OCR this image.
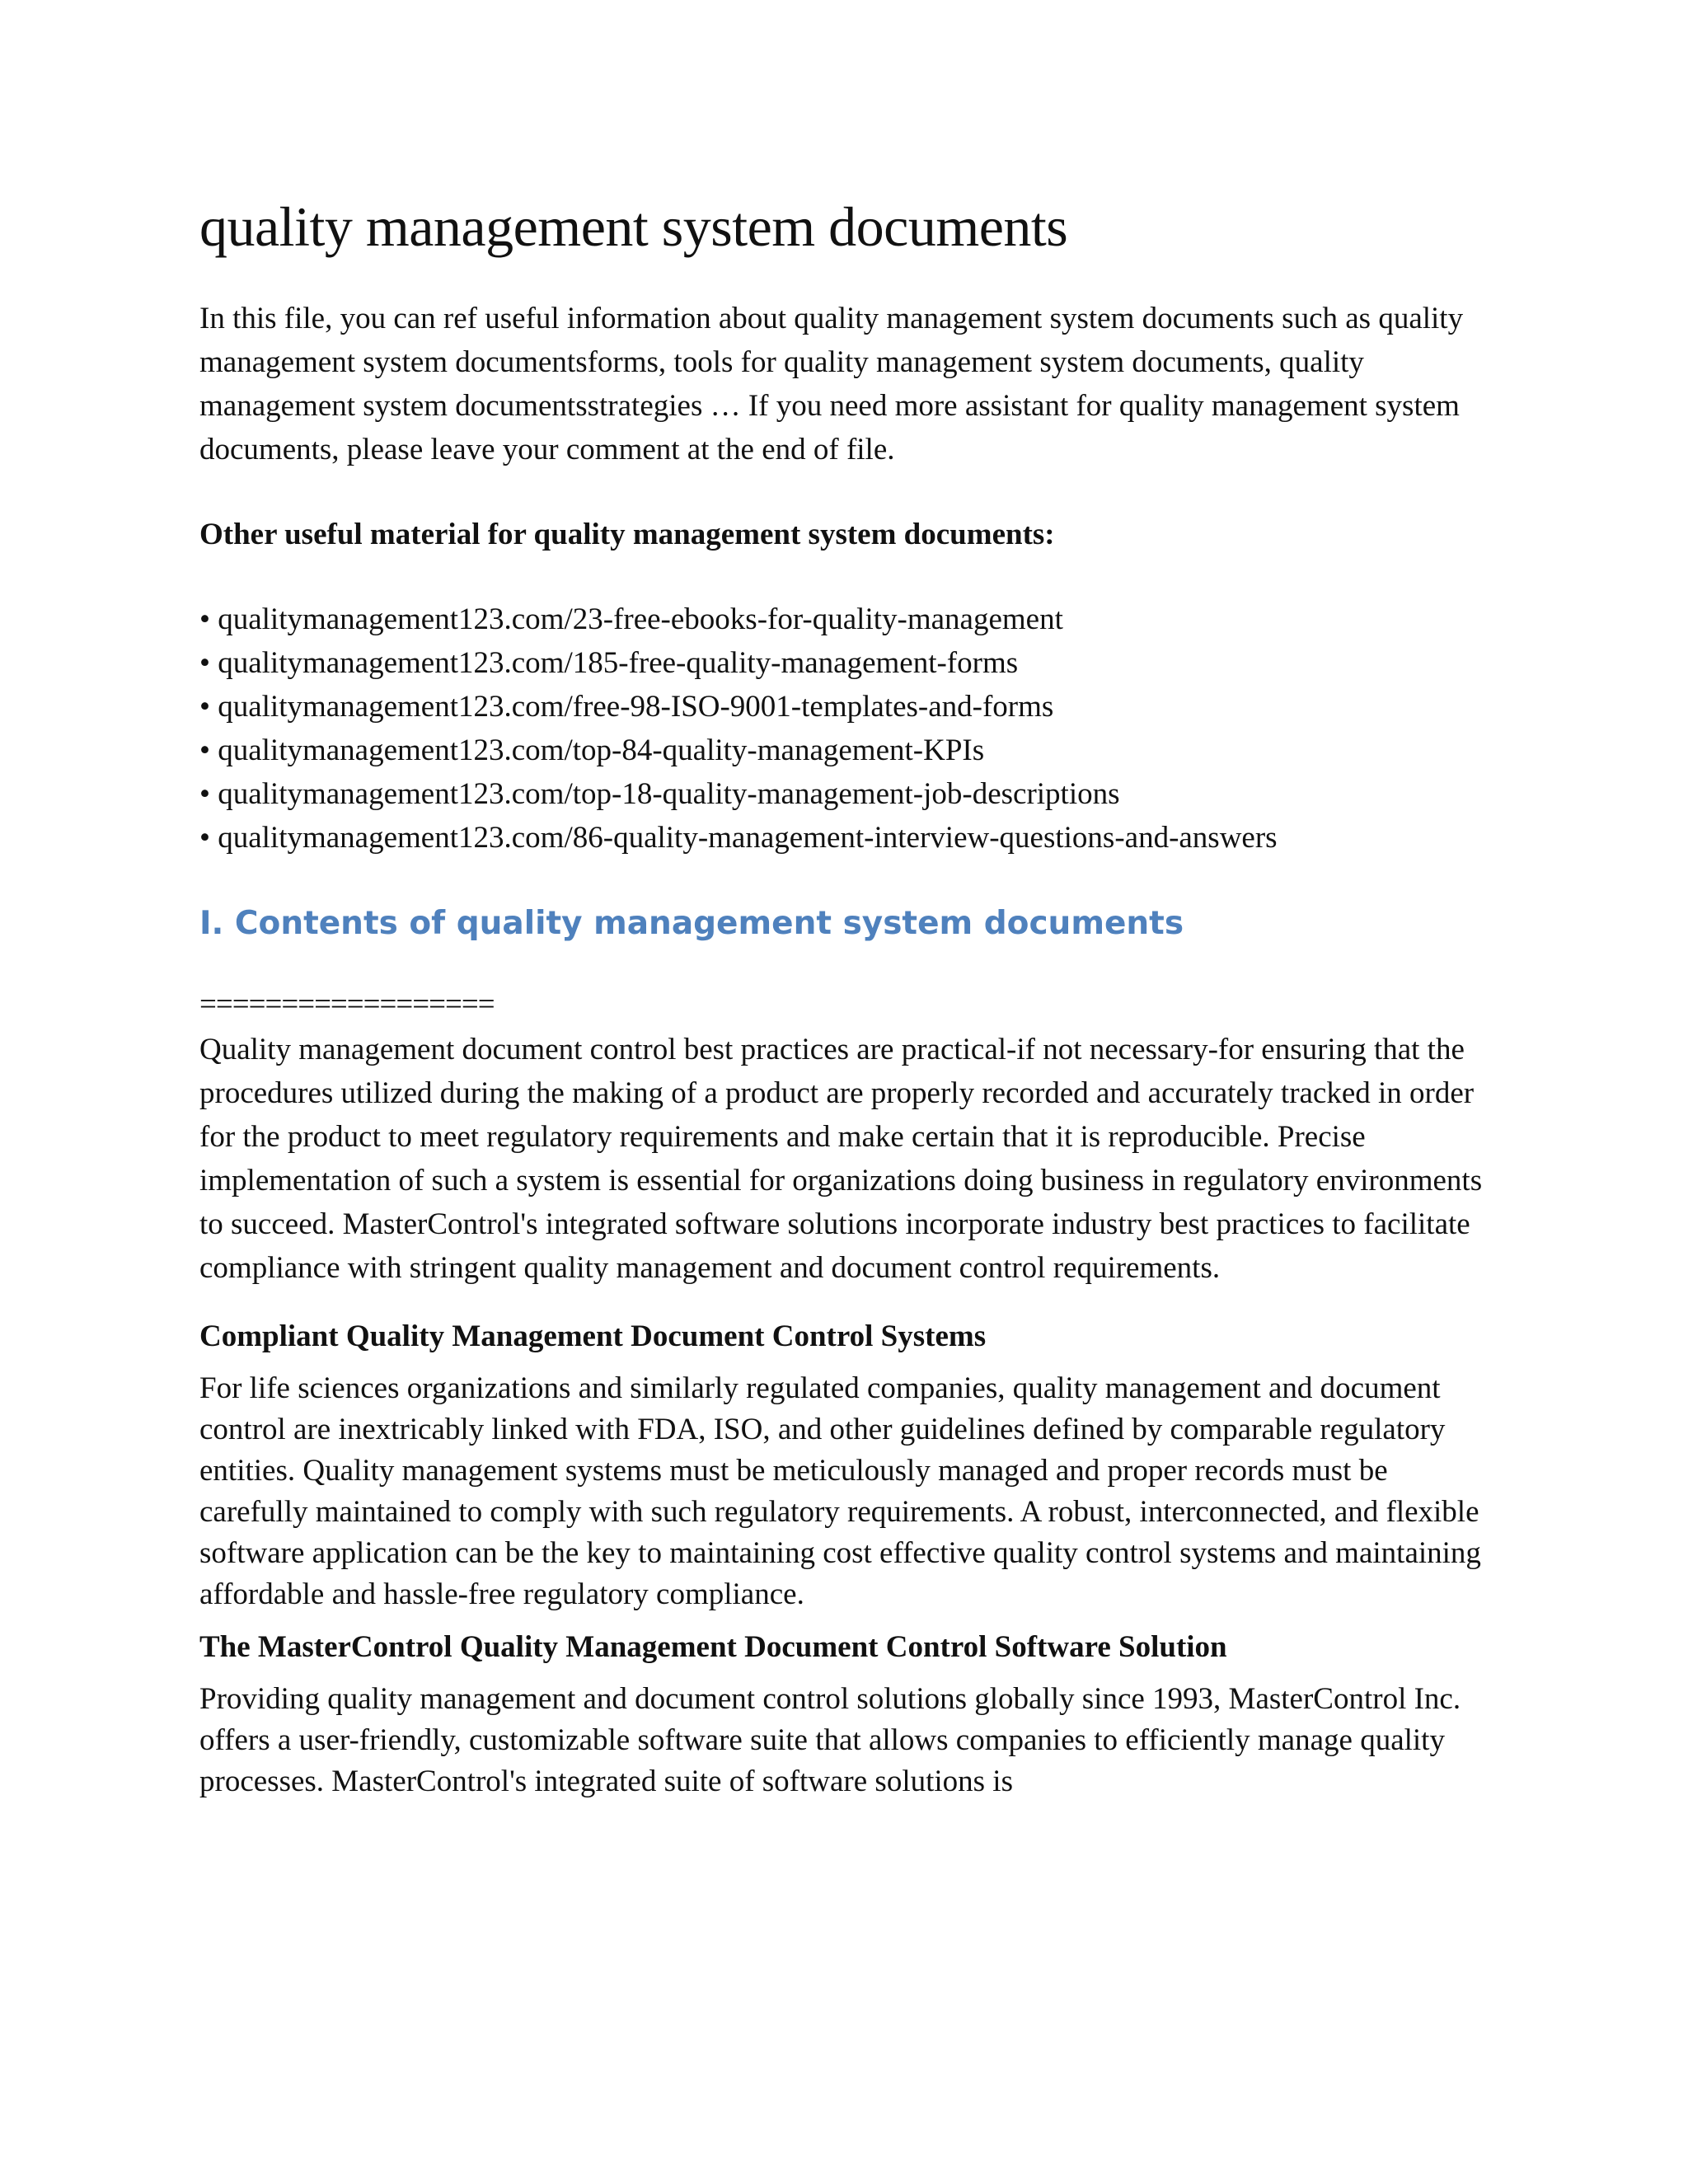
quality management system documents

In this file, you can ref useful information about quality management system documents such as quality management system documentsforms, tools for quality management system documents, quality management system documentsstrategies … If you need more assistant for quality management system documents, please leave your comment at the end of file.

Other useful material for quality management system documents:

• qualitymanagement123.com/23-free-ebooks-for-quality-management
• qualitymanagement123.com/185-free-quality-management-forms
• qualitymanagement123.com/free-98-ISO-9001-templates-and-forms
• qualitymanagement123.com/top-84-quality-management-KPIs
• qualitymanagement123.com/top-18-quality-management-job-descriptions
• qualitymanagement123.com/86-quality-management-interview-questions-and-answers
I. Contents of quality management system documents
==================

Quality management document control best practices are practical-if not necessary-for ensuring that the procedures utilized during the making of a product are properly recorded and accurately tracked in order for the product to meet regulatory requirements and make certain that it is reproducible. Precise implementation of such a system is essential for organizations doing business in regulatory environments to succeed. MasterControl's integrated software solutions incorporate industry best practices to facilitate compliance with stringent quality management and document control requirements.

Compliant Quality Management Document Control Systems

For life sciences organizations and similarly regulated companies, quality management and document control are inextricably linked with FDA, ISO, and other guidelines defined by comparable regulatory entities. Quality management systems must be meticulously managed and proper records must be carefully maintained to comply with such regulatory requirements. A robust, interconnected, and flexible software application can be the key to maintaining cost effective quality control systems and maintaining affordable and hassle-free regulatory compliance.

The MasterControl Quality Management Document Control Software Solution

Providing quality management and document control solutions globally since 1993, MasterControl Inc. offers a user-friendly, customizable software suite that allows companies to efficiently manage quality processes. MasterControl's integrated suite of software solutions is
